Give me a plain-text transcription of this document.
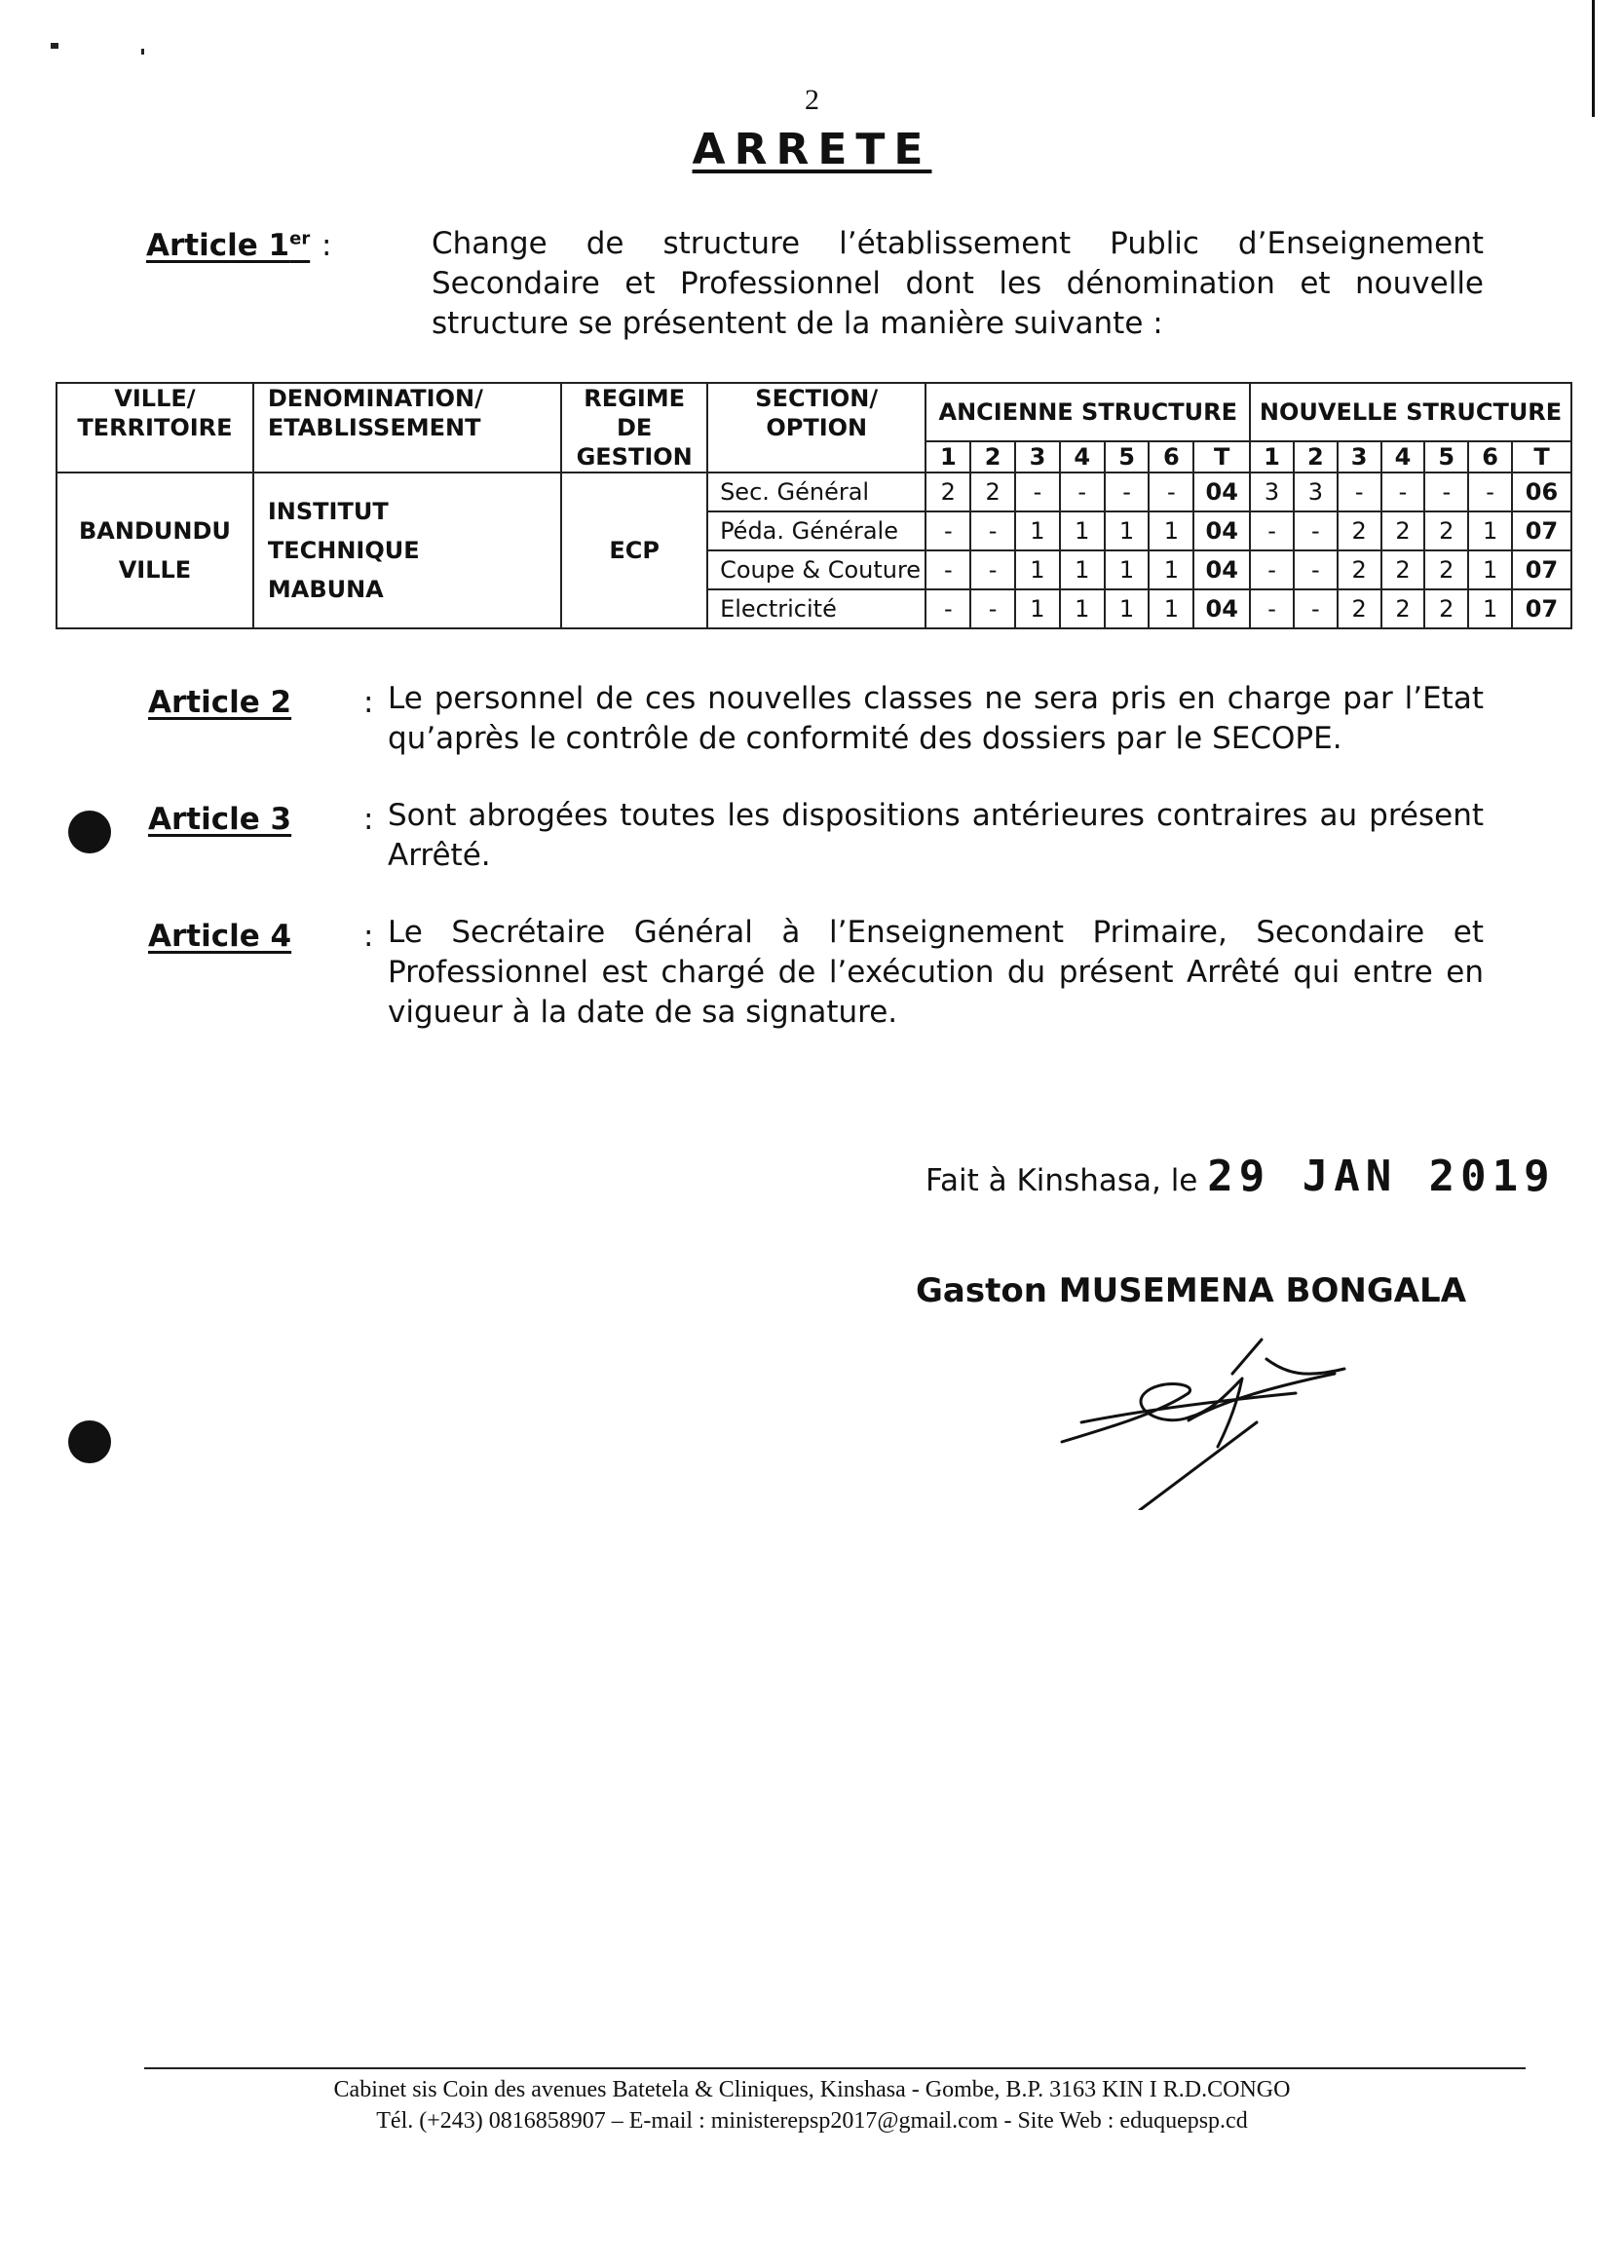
2
ARRETE
Article 1er :	Change de structure l’établissement Public d’Enseignement Secondaire et Professionnel dont les dénomination et nouvelle structure se présentent de la manière suivante :
VILLE/ TERRITOIRE	DENOMINATION/ ETABLISSEMENT	REGIME DE GESTION	SECTION/ OPTION	ANCIENNE STRUCTURE							NOUVELLE STRUCTURE						
				1	2	3	4	5	6	T	1	2	3	4	5	6	T
BANDUNDU VILLE	INSTITUT TECHNIQUE MABUNA	ECP	Sec. Général	2	2	-	-	-	-	04	3	3	-	-	-	-	06
			Péda. Générale	-	-	1	1	1	1	04	-	-	2	2	2	1	07
			Coupe & Couture	-	-	1	1	1	1	04	-	-	2	2	2	1	07
			Electricité	-	-	1	1	1	1	04	-	-	2	2	2	1	07
Article 2 : Le personnel de ces nouvelles classes ne sera pris en charge par l’Etat qu’après le contrôle de conformité des dossiers par le SECOPE.
Article 3 : Sont abrogées toutes les dispositions antérieures contraires au présent Arrêté.
Article 4 : Le Secrétaire Général à l’Enseignement Primaire, Secondaire et Professionnel est chargé de l’exécution du présent Arrêté qui entre en vigueur à la date de sa signature.
Fait à Kinshasa, le 29 JAN 2019
Gaston MUSEMENA BONGALA
Cabinet sis Coin des avenues Batetela & Cliniques, Kinshasa - Gombe, B.P. 3163 KIN I R.D.CONGO
Tél. (+243) 0816858907 – E-mail : ministerepsp2017@gmail.com - Site Web : eduquepsp.cd
